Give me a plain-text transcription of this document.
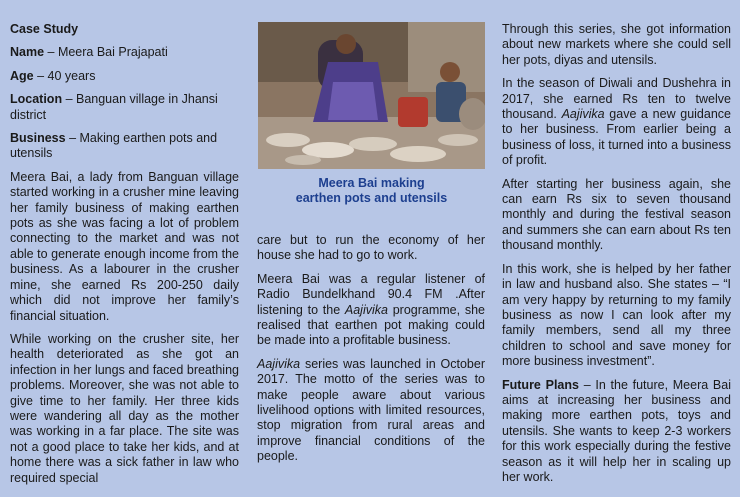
Case Study

Name – Meera Bai Prajapati

Age – 40 years

Location – Banguan village in Jhansi district

Business – Making earthen pots and utensils

Meera Bai, a lady from Banguan village started working in a crusher mine leaving her family business of making earthen pots as she was facing a lot of problem connecting to the market and was not able to generate enough income from the business. As a labourer in the crusher mine, she earned Rs 200-250 daily which did not improve her family’s financial situation.

While working on the crusher site, her health deteriorated as she got an infection in her lungs and faced breathing problems. Moreover, she was not able to give time to her family. Her three kids were wandering all day as the mother was working in a far place. The site was not a good place to take her kids, and at home there was a sick father in law who required special

Meera Bai making
earthen pots and utensils

care but to run the economy of her house she had to go to work.

Meera Bai was a regular listener of Radio Bundelkhand 90.4 FM .After listening to the Aajivika programme, she realised that earthen pot making could be made into a profitable business.

Aajivika series was launched in October 2017. The motto of the series was to make people aware about various livelihood options with limited resources, stop migration from rural areas and improve financial conditions of the people.

Through this series, she got information about new markets where she could sell her pots, diyas and utensils.

In the season of Diwali and Dushehra in 2017, she earned Rs ten to twelve thousand. Aajivika gave a new guidance to her business. From earlier being a business of loss, it turned into a business of profit.

After starting her business again, she can earn Rs six to seven thousand monthly and during the festival season and summers she can earn about Rs ten thousand monthly.

In this work, she is helped by her father in law and husband also. She states – “I am very happy by returning to my family business as now I can look after my family members, send all my three children to school and save money for more business investment”.

Future Plans – In the future, Meera Bai aims at increasing her business and making more earthen pots, toys and utensils. She wants to keep 2-3 workers for this work especially during the festive season as it will help her in scaling up her work.
